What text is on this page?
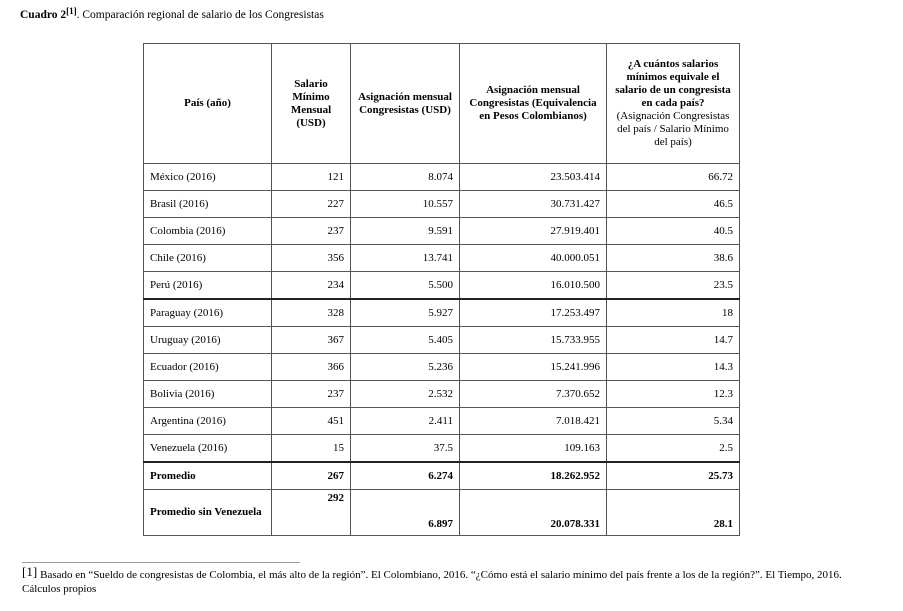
Cuadro 2[1]. Comparación regional de salario de los Congresistas
País (año)	Salario Mínimo Mensual (USD)	Asignación mensual Congresistas (USD)	Asignación mensual Congresistas (Equivalencia en Pesos Colombianos)	¿A cuántos salarios mínimos equivale el salario de un congresista en cada país?
(Asignación Congresistas del país / Salario Mínimo del país)
México (2016)	121	8.074	23.503.414	66.72
Brasil (2016)	227	10.557	30.731.427	46.5
Colombia (2016)	237	9.591	27.919.401	40.5
Chile (2016)	356	13.741	40.000.051	38.6
Perú (2016)	234	5.500	16.010.500	23.5
Paraguay (2016)	328	5.927	17.253.497	18
Uruguay (2016)	367	5.405	15.733.955	14.7
Ecuador (2016)	366	5.236	15.241.996	14.3
Bolivia (2016)	237	2.532	7.370.652	12.3
Argentina (2016)	451	2.411	7.018.421	5.34
Venezuela (2016)	15	37.5	109.163	2.5
Promedio	267	6.274	18.262.952	25.73
Promedio sin Venezuela	292	6.897	20.078.331	28.1
[1] Basado en “Sueldo de congresistas de Colombia, el más alto de la región”. El Colombiano, 2016. “¿Cómo está el salario mínimo del país frente a los de la región?”. El Tiempo, 2016. Cálculos propios
